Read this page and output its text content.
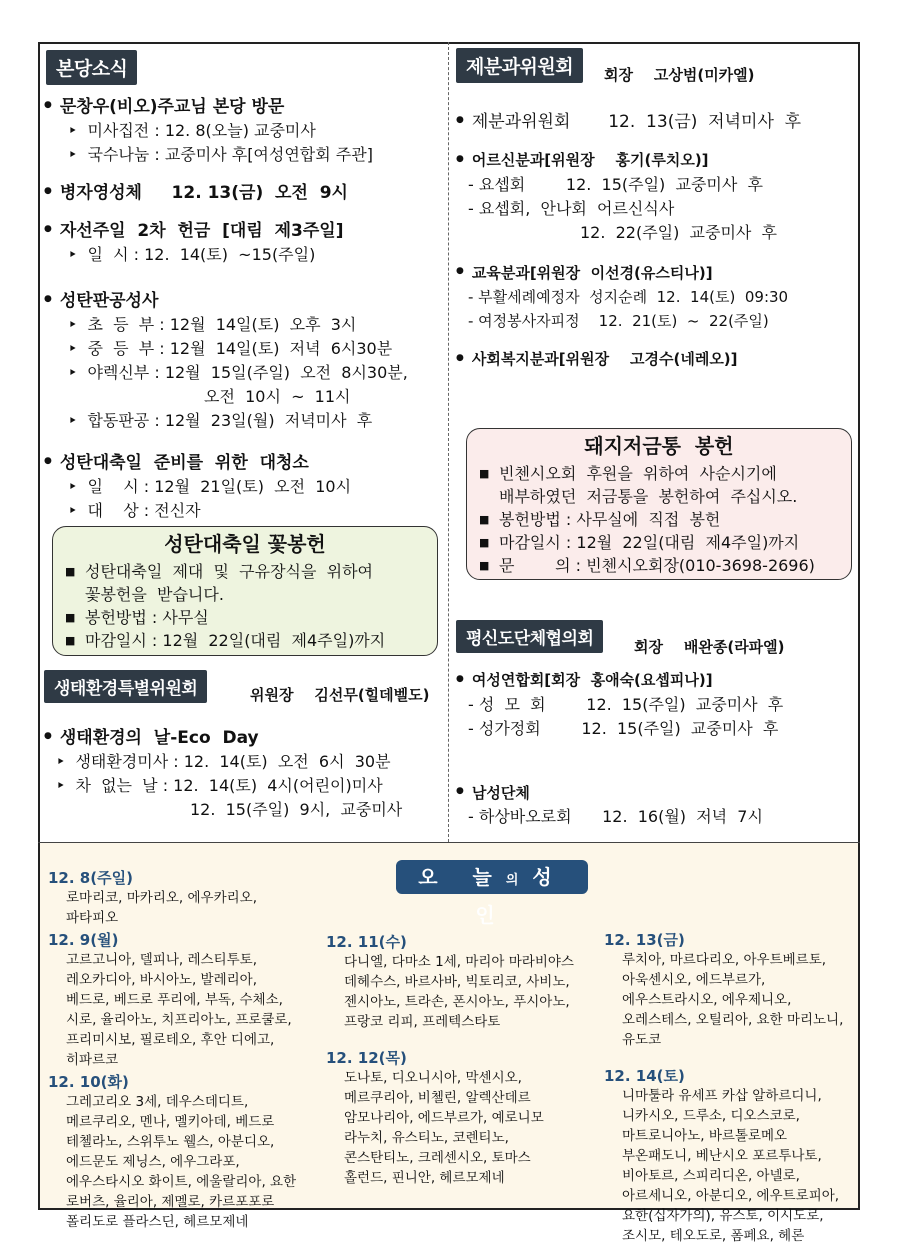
본당소식
● 문창우(비오)주교님 본당 방문
‣ 미사집전 : 12. 8(오늘) 교중미사
‣ 국수나눔 : 교중미사 후[여성연합회 주관]
● 병자영성체     12. 13(금)  오전  9시
● 자선주일  2차  헌금  [대림  제3주일]
‣ 일  시 : 12.  14(토)  ~15(주일)
● 성탄판공성사
‣ 초  등  부 : 12월  14일(토)  오후  3시
‣ 중  등  부 : 12월  14일(토)  저녁  6시30분
‣ 야렉신부 : 12월  15일(주일)  오전  8시30분,
오전  10시  ~  11시
‣ 합동판공 : 12월  23일(월)  저녁미사  후
● 성탄대축일  준비를  위한  대청소
‣ 일    시 : 12월  21일(토)  오전  10시
‣ 대    상 : 전신자
성탄대축일 꽃봉헌
■ 성탄대축일  제대  및  구유장식을  위하여
꽃봉헌을  받습니다.
■ 봉헌방법 : 사무실
■ 마감일시 : 12월  22일(대림  제4주일)까지
생태환경특별위원회	위원장    김선무(힐데벨도)
● 생태환경의  날-Eco  Day
‣ 생태환경미사 : 12.  14(토)  오전  6시  30분
‣ 차  없는  날 : 12.  14(토)  4시(어린이)미사
12.  15(주일)  9시,  교중미사
제분과위원회	회장    고상범(미카엘)
● 제분과위원회       12.  13(금)  저녁미사  후
● 어르신분과[위원장    홍기(루치오)]
- 요셉회        12.  15(주일)  교중미사  후
- 요셉회,  안나회  어르신식사
12.  22(주일)  교중미사  후
● 교육분과[위원장  이선경(유스티나)]
- 부활세례예정자  성지순례  12.  14(토)  09:30
- 여정봉사자피정    12.  21(토)  ~  22(주일)
● 사회복지분과[위원장    고경수(네레오)]
돼지저금통  봉헌
■ 빈첸시오회  후원을  위하여  사순시기에
배부하였던  저금통을  봉헌하여  주십시오.
■ 봉헌방법 : 사무실에  직접  봉헌
■ 마감일시 : 12월  22일(대림  제4주일)까지
■ 문        의 : 빈첸시오회장(010-3698-2696)
평신도단체협의회	회장    배완종(라파엘)
● 여성연합회[회장  홍애숙(요셉피나)]
- 성  모  회        12.  15(주일)  교중미사  후
- 성가정회        12.  15(주일)  교중미사  후
● 남성단체
- 하상바오로회      12.  16(월)  저녁  7시
오 늘의성 인
12. 8(주일)
로마리코, 마카리오, 에우카리오, 파타피오
12. 9(월)
고르고니아, 델피나, 레스티투토, 레오카디아, 바시아노, 발레리아, 베드로, 베드로 푸리에, 부독, 수체소, 시로, 율리아노, 치프리아노, 프로쿨로, 프리미시보, 필로테오, 후안 디에고, 히파르코
12. 10(화)
그레고리오 3세, 데우스데디트,메르쿠리오, 멘나, 멜키아데, 베드로 테첼라노, 스위투노 웰스, 아분디오, 에드문도 제닝스, 에우그라포, 에우스타시오 화이트, 에울랄리아, 요한 로버츠, 율리아, 제멜로, 카르포포로 폴리도로 플라스딘, 헤르모제네
12. 11(수)
다니엘, 다마소 1세, 마리아 마라비야스 데헤수스, 바르사바, 빅토리코, 사비노, 젠시아노, 트라손, 폰시아노, 푸시아노, 프랑코 리피, 프레텍스타토
12. 12(목)
도나토, 디오니시아, 막센시오, 메르쿠리아, 비첼린, 알렉산데르 암모나리아, 에드부르가, 예로니모 라누치, 유스티노, 코렌티노, 콘스탄티노, 크레센시오, 토마스 홀런드, 핀니안, 헤르모제네
12. 13(금)
루치아, 마르다리오, 아우트베르토, 아욱센시오, 에드부르가, 에우스트라시오, 에우제니오, 오레스테스, 오틸리아, 요한 마리노니, 유도코
12. 14(토)
니마툴라 유세프 카삽 알하르디니, 니카시오, 드루소, 디오스코로, 마트로니아노, 바르톨로메오 부온패도니, 베난시오 포르투나토, 비아토르, 스피리디온, 아넬로, 아르세니오, 아분디오, 에우트로피아, 요한(십자가의), 유스토, 이시도로, 조시모, 테오도로, 폼페요, 헤론
